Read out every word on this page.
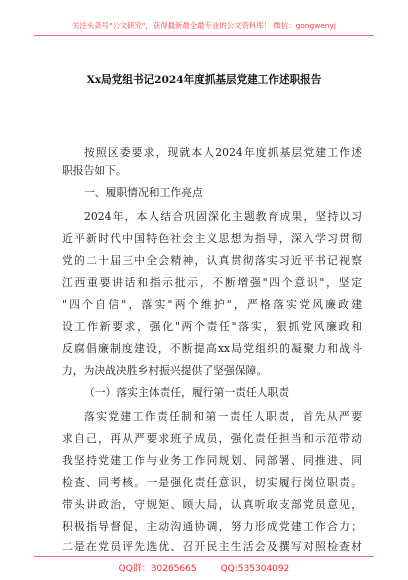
关注头条号"公文研究"，获得最新最全最专业的公文资料库！ 微信：gongwenyj
Xx局党组书记2024年度抓基层党建工作述职报告
按照区委要求，现就本人2024年度抓基层党建工作述
职报告如下。
一、履职情况和工作亮点
2024年，本人结合巩固深化主题教育成果，坚持以习
近平新时代中国特色社会主义思想为指导，深入学习贯彻
党的二十届三中全会精神，认真贯彻落实习近平书记视察
江西重要讲话和指示批示，不断增强"四个意识"，坚定
"四个自信"，落实"两个维护"，严格落实党风廉政建
设工作新要求，强化"两个责任"落实，狠抓党风廉政和
反腐倡廉制度建设，不断提高xx局党组织的凝聚力和战斗
力，为决战决胜乡村振兴提供了坚强保障。
（一）落实主体责任，履行第一责任人职责
落实党建工作责任制和第一责任人职责，首先从严要
求自己，再从严要求班子成员，强化责任担当和示范带动
我坚持党建工作与业务工作同规划、同部署、同推进、同
检查、同考核。一是强化责任意识，切实履行岗位职责。
带头讲政治，守规矩、顾大局，认真听取支部党员意见，
积极指导督促，主动沟通协调，努力形成党建工作合力；
二是在党员评先选优、召开民主生活会及撰写对照检查材
QQ群：30265665	QQ:535304092
